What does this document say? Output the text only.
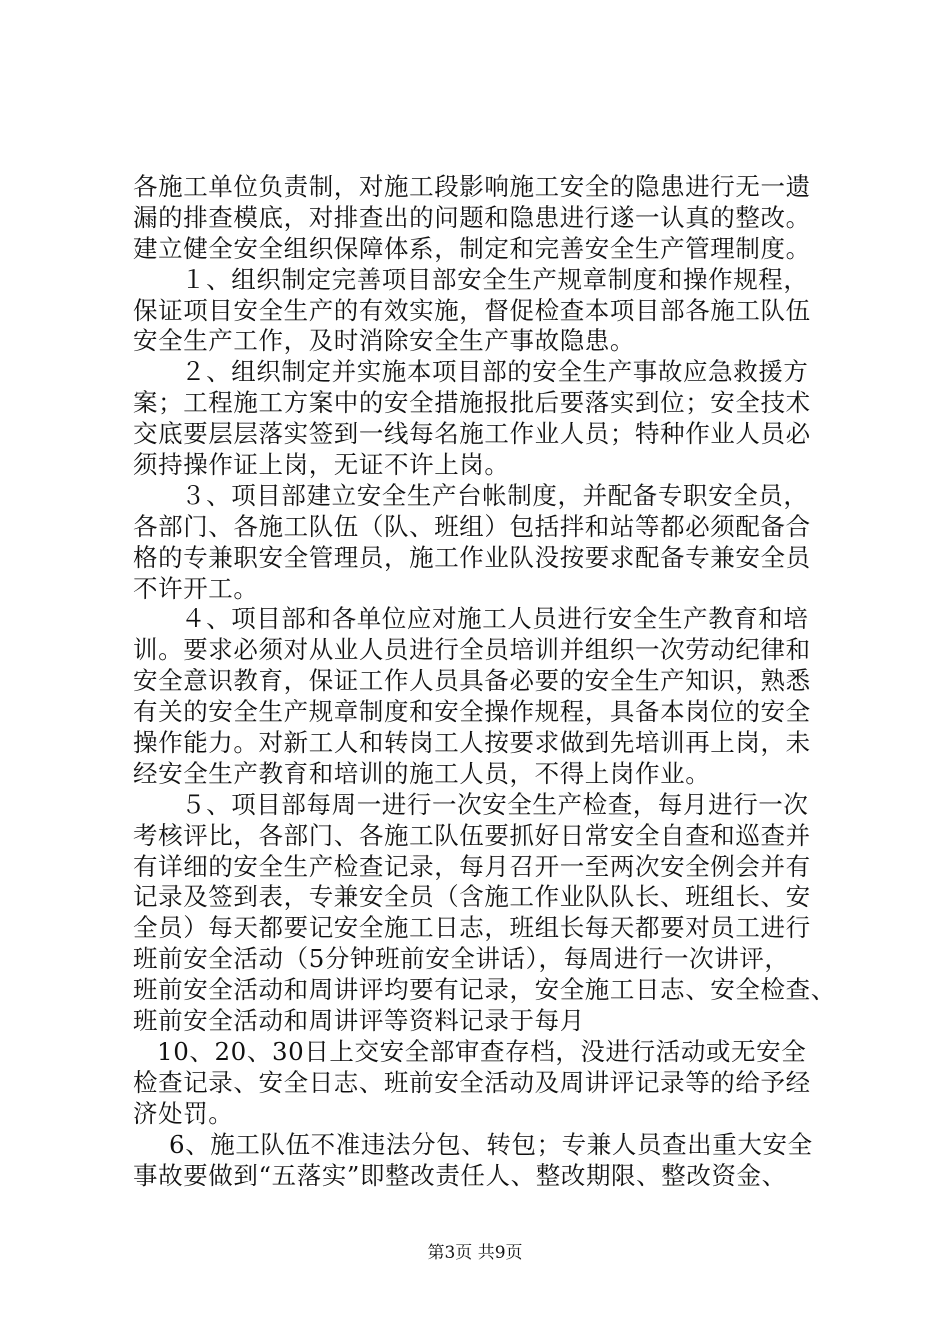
各施工单位负责制，对施工段影响施工安全的隐患进行无一遗
漏的排查模底，对排查出的问题和隐患进行遂一认真的整改。
建立健全安全组织保障体系，制定和完善安全生产管理制度。
１、组织制定完善项目部安全生产规章制度和操作规程，
保证项目安全生产的有效实施，督促检查本项目部各施工队伍
安全生产工作，及时消除安全生产事故隐患。
２、组织制定并实施本项目部的安全生产事故应急救援方
案；工程施工方案中的安全措施报批后要落实到位；安全技术
交底要层层落实签到一线每名施工作业人员；特种作业人员必
须持操作证上岗，无证不许上岗。
３、项目部建立安全生产台帐制度，并配备专职安全员，
各部门、各施工队伍（队、班组）包括拌和站等都必须配备合
格的专兼职安全管理员，施工作业队没按要求配备专兼安全员
不许开工。
４、项目部和各单位应对施工人员进行安全生产教育和培
训。要求必须对从业人员进行全员培训并组织一次劳动纪律和
安全意识教育，保证工作人员具备必要的安全生产知识，熟悉
有关的安全生产规章制度和安全操作规程，具备本岗位的安全
操作能力。对新工人和转岗工人按要求做到先培训再上岗，未
经安全生产教育和培训的施工人员，不得上岗作业。
５、项目部每周一进行一次安全生产检查，每月进行一次
考核评比，各部门、各施工队伍要抓好日常安全自查和巡查并
有详细的安全生产检查记录，每月召开一至两次安全例会并有
记录及签到表，专兼安全员（含施工作业队队长、班组长、安
全员）每天都要记安全施工日志，班组长每天都要对员工进行
班前安全活动（5分钟班前安全讲话），每周进行一次讲评，
班前安全活动和周讲评均要有记录，安全施工日志、安全检查、
班前安全活动和周讲评等资料记录于每月
10、20、30日上交安全部审查存档，没进行活动或无安全
检查记录、安全日志、班前安全活动及周讲评记录等的给予经
济处罚。
6、施工队伍不准违法分包、转包；专兼人员查出重大安全
事故要做到“五落实”即整改责任人、整改期限、整改资金、
第3页 共9页
